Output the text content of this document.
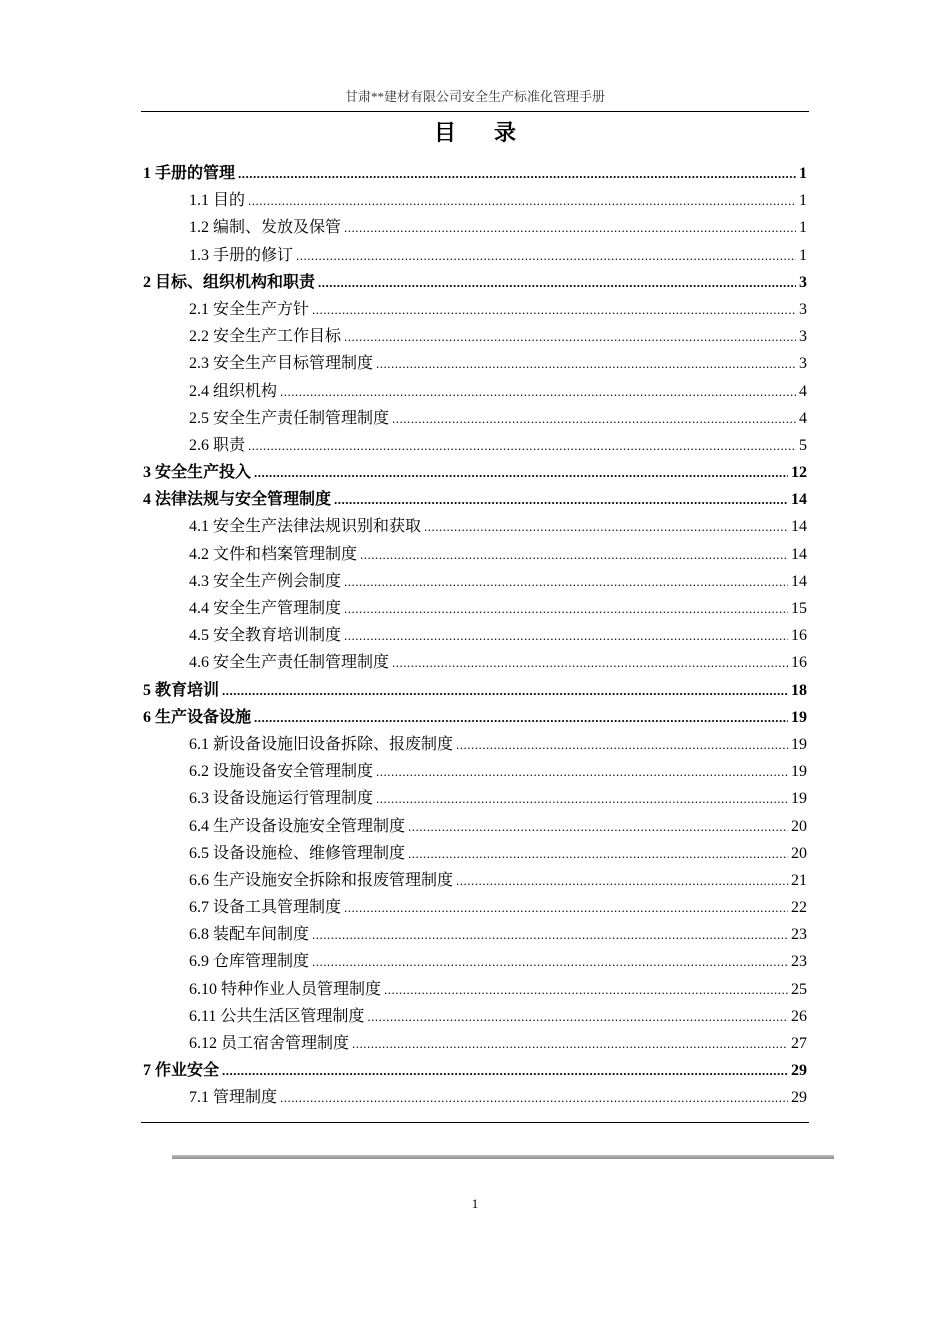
甘肃**建材有限公司安全生产标准化管理手册
目 录
1 手册的管理 .....	1
1.1 目的 .....	1
1.2 编制、发放及保管 .....	1
1.3 手册的修订 .....	1
2 目标、组织机构和职责 .....	3
2.1 安全生产方针 .....	3
2.2 安全生产工作目标 .....	3
2.3 安全生产目标管理制度 .....	3
2.4 组织机构 .....	4
2.5 安全生产责任制管理制度 .....	4
2.6 职责 .....	5
3 安全生产投入 .....	12
4 法律法规与安全管理制度 .....	14
4.1 安全生产法律法规识别和获取 .....	14
4.2 文件和档案管理制度 .....	14
4.3 安全生产例会制度 .....	14
4.4 安全生产管理制度 .....	15
4.5 安全教育培训制度 .....	16
4.6 安全生产责任制管理制度 .....	16
5 教育培训 .....	18
6 生产设备设施 .....	19
6.1 新设备设施旧设备拆除、报废制度 .....	19
6.2 设施设备安全管理制度 .....	19
6.3 设备设施运行管理制度 .....	19
6.4 生产设备设施安全管理制度 .....	20
6.5 设备设施检、维修管理制度 .....	20
6.6 生产设施安全拆除和报废管理制度 .....	21
6.7 设备工具管理制度 .....	22
6.8 装配车间制度 .....	23
6.9 仓库管理制度 .....	23
6.10 特种作业人员管理制度 .....	25
6.11 公共生活区管理制度 .....	26
6.12 员工宿舍管理制度 .....	27
7 作业安全 .....	29
7.1 管理制度 .....	29
1
